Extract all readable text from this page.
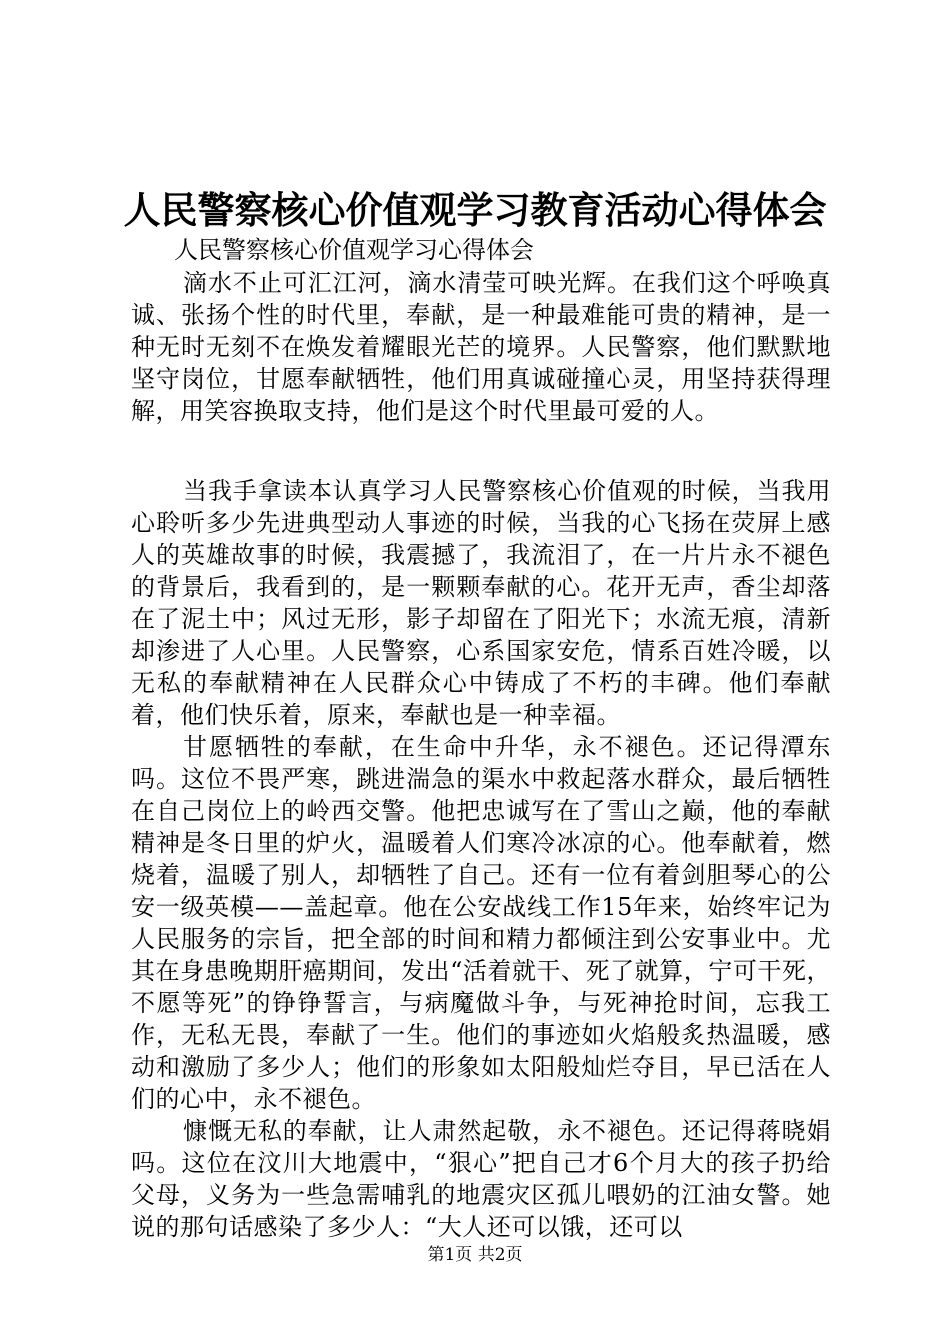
人民警察核心价值观学习教育活动心得体会

人民警察核心价值观学习心得体会

滴水不止可汇江河，滴水清莹可映光辉。在我们这个呼唤真诚、张扬个性的时代里，奉献，是一种最难能可贵的精神，是一种无时无刻不在焕发着耀眼光芒的境界。人民警察，他们默默地坚守岗位，甘愿奉献牺牲，他们用真诚碰撞心灵，用坚持获得理解，用笑容换取支持，他们是这个时代里最可爱的人。

当我手拿读本认真学习人民警察核心价值观的时候，当我用心聆听多少先进典型动人事迹的时候，当我的心飞扬在荧屏上感人的英雄故事的时候，我震撼了，我流泪了，在一片片永不褪色的背景后，我看到的，是一颗颗奉献的心。花开无声，香尘却落在了泥土中；风过无形，影子却留在了阳光下；水流无痕，清新却渗进了人心里。人民警察，心系国家安危，情系百姓冷暖，以无私的奉献精神在人民群众心中铸成了不朽的丰碑。他们奉献着，他们快乐着，原来，奉献也是一种幸福。

甘愿牺牲的奉献，在生命中升华，永不褪色。还记得潭东吗。这位不畏严寒，跳进湍急的渠水中救起落水群众，最后牺牲在自己岗位上的岭西交警。他把忠诚写在了雪山之巅，他的奉献精神是冬日里的炉火，温暖着人们寒冷冰凉的心。他奉献着，燃烧着，温暖了别人，却牺牲了自己。还有一位有着剑胆琴心的公安一级英模——盖起章。他在公安战线工作15年来，始终牢记为人民服务的宗旨，把全部的时间和精力都倾注到公安事业中。尤其在身患晚期肝癌期间，发出“活着就干、死了就算，宁可干死，不愿等死”的铮铮誓言，与病魔做斗争，与死神抢时间，忘我工作，无私无畏，奉献了一生。他们的事迹如火焰般炙热温暖，感动和激励了多少人；他们的形象如太阳般灿烂夺目，早已活在人们的心中，永不褪色。

慷慨无私的奉献，让人肃然起敬，永不褪色。还记得蒋晓娟吗。这位在汶川大地震中，“狠心”把自己才6个月大的孩子扔给父母，义务为一些急需哺乳的地震灾区孤儿喂奶的江油女警。她说的那句话感染了多少人：“大人还可以饿，还可以

第1页 共2页
